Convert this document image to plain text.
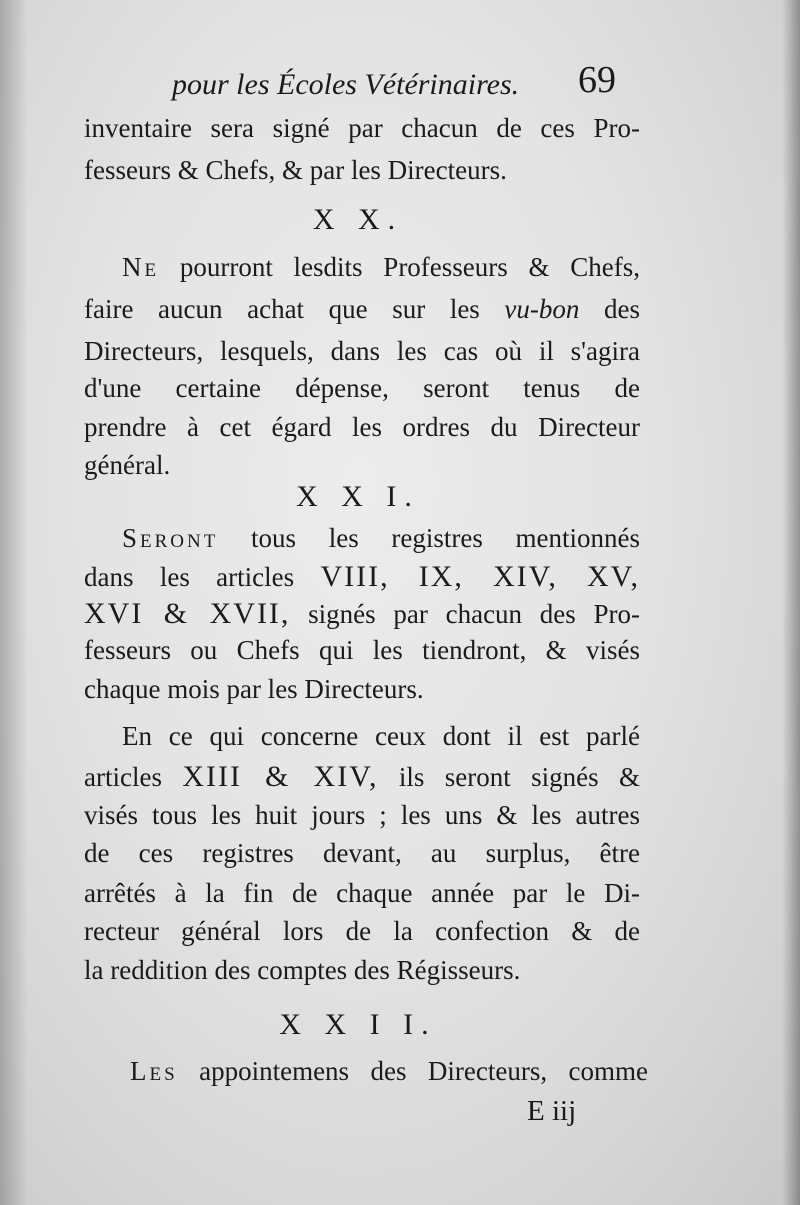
pour les Écoles Vétérinaires. 69
inventaire sera signé par chacun de ces Pro-
fesseurs & Chefs, & par les Directeurs.
X X.
Ne pourront lesdits Professeurs & Chefs,
faire aucun achat que sur les vu-bon des
Directeurs, lesquels, dans les cas où il s'agira
d'une certaine dépense, seront tenus de
prendre à cet égard les ordres du Directeur
général.
X X I.
Seront tous les registres mentionnés
dans les articles VIII, IX, XIV, XV,
XVI & XVII, signés par chacun des Pro-
fesseurs ou Chefs qui les tiendront, & visés
chaque mois par les Directeurs.
En ce qui concerne ceux dont il est parlé
articles XIII & XIV, ils seront signés &
visés tous les huit jours ; les uns & les autres
de ces registres devant, au surplus, être
arrêtés à la fin de chaque année par le Di-
recteur général lors de la confection & de
la reddition des comptes des Régisseurs.
X X I I.
Les appointemens des Directeurs, comme
E iij
